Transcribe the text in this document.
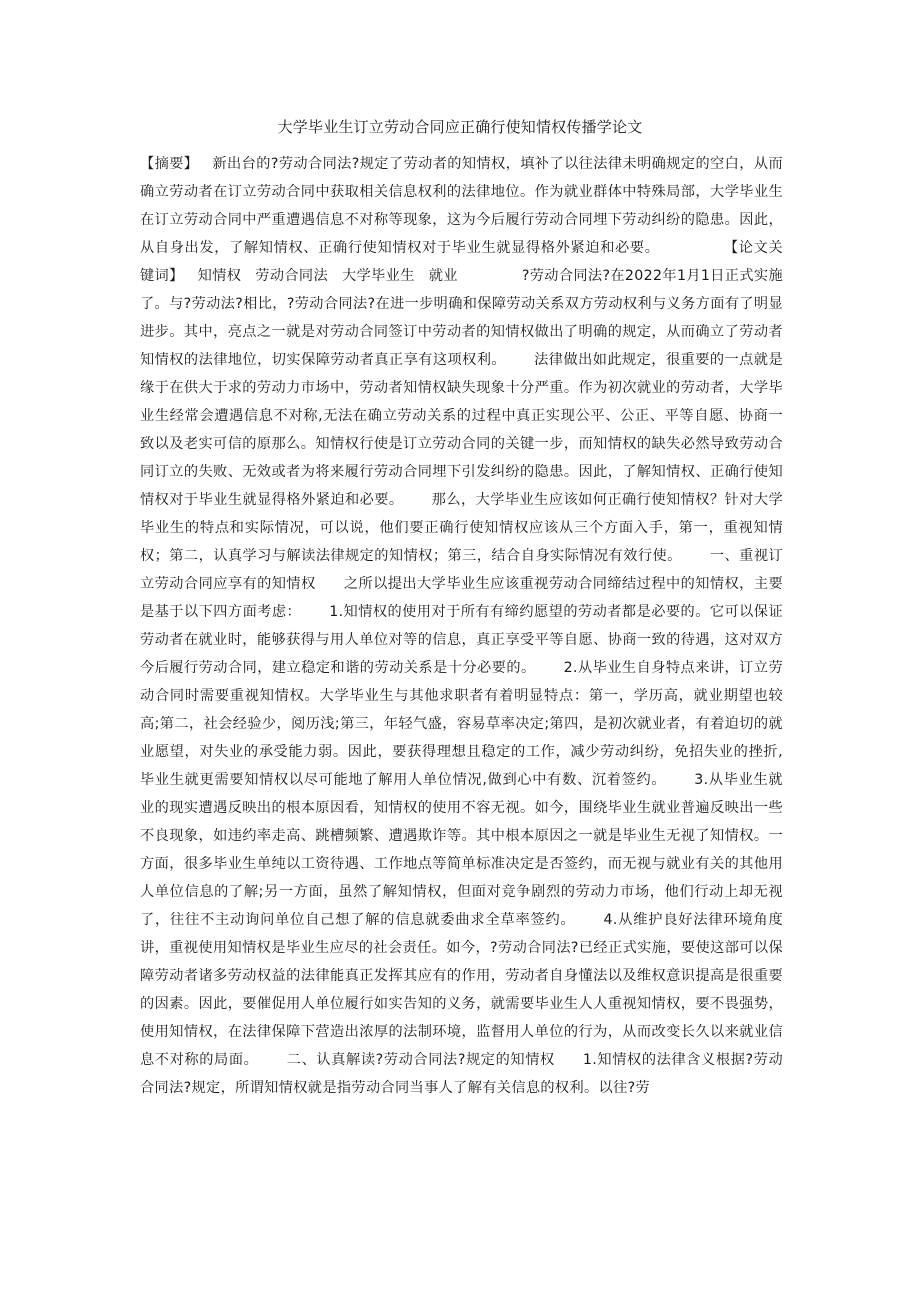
大学毕业生订立劳动合同应正确行使知情权传播学论文

【摘要】 新出台的?劳动合同法?规定了劳动者的知情权，填补了以往法律未明确规定的空白，从而确立劳动者在订立劳动合同中获取相关信息权利的法律地位。作为就业群体中特殊局部，大学毕业生在订立劳动合同中严重遭遇信息不对称等现象，这为今后履行劳动合同埋下劳动纠纷的隐患。因此，从自身出发，了解知情权、正确行使知情权对于毕业生就显得格外紧迫和必要。	【论文关键词】 知情权 劳动合同法 大学毕业生 就业	?劳动合同法?在2022年1月1日正式实施了。与?劳动法?相比，?劳动合同法?在进一步明确和保障劳动关系双方劳动权利与义务方面有了明显进步。其中，亮点之一就是对劳动合同签订中劳动者的知情权做出了明确的规定，从而确立了劳动者知情权的法律地位，切实保障劳动者真正享有这项权利。 法律做出如此规定，很重要的一点就是缘于在供大于求的劳动力市场中，劳动者知情权缺失现象十分严重。作为初次就业的劳动者，大学毕业生经常会遭遇信息不对称,无法在确立劳动关系的过程中真正实现公平、公正、平等自愿、协商一致以及老实可信的原那么。知情权行使是订立劳动合同的关键一步，而知情权的缺失必然导致劳动合同订立的失败、无效或者为将来履行劳动合同埋下引发纠纷的隐患。因此，了解知情权、正确行使知情权对于毕业生就显得格外紧迫和必要。 那么，大学毕业生应该如何正确行使知情权？针对大学毕业生的特点和实际情况，可以说，他们要正确行使知情权应该从三个方面入手，第一，重视知情权；第二，认真学习与解读法律规定的知情权；第三，结合自身实际情况有效行使。 一、重视订立劳动合同应享有的知情权 之所以提出大学毕业生应该重视劳动合同缔结过程中的知情权，主要是基于以下四方面考虑： 1.知情权的使用对于所有有缔约愿望的劳动者都是必要的。它可以保证劳动者在就业时，能够获得与用人单位对等的信息，真正享受平等自愿、协商一致的待遇，这对双方今后履行劳动合同，建立稳定和谐的劳动关系是十分必要的。 2.从毕业生自身特点来讲，订立劳动合同时需要重视知情权。大学毕业生与其他求职者有着明显特点：第一，学历高，就业期望也较高;第二，社会经验少，阅历浅;第三，年轻气盛，容易草率决定;第四，是初次就业者，有着迫切的就业愿望，对失业的承受能力弱。因此，要获得理想且稳定的工作，减少劳动纠纷，免招失业的挫折,毕业生就更需要知情权以尽可能地了解用人单位情况,做到心中有数、沉着签约。 3.从毕业生就业的现实遭遇反映出的根本原因看，知情权的使用不容无视。如今，围绕毕业生就业普遍反映出一些不良现象，如违约率走高、跳槽频繁、遭遇欺诈等。其中根本原因之一就是毕业生无视了知情权。一方面，很多毕业生单纯以工资待遇、工作地点等简单标准决定是否签约，而无视与就业有关的其他用人单位信息的了解;另一方面，虽然了解知情权，但面对竞争剧烈的劳动力市场，他们行动上却无视了，往往不主动询问单位自己想了解的信息就委曲求全草率签约。 4.从维护良好法律环境角度讲，重视使用知情权是毕业生应尽的社会责任。如今，?劳动合同法?已经正式实施，要使这部可以保障劳动者诸多劳动权益的法律能真正发挥其应有的作用，劳动者自身懂法以及维权意识提高是很重要的因素。因此，要催促用人单位履行如实告知的义务，就需要毕业生人人重视知情权，要不畏强势，使用知情权，在法律保障下营造出浓厚的法制环境，监督用人单位的行为，从而改变长久以来就业信息不对称的局面。 二、认真解读?劳动合同法?规定的知情权 1.知情权的法律含义根据?劳动合同法?规定，所谓知情权就是指劳动合同当事人了解有关信息的权利。以往?劳
